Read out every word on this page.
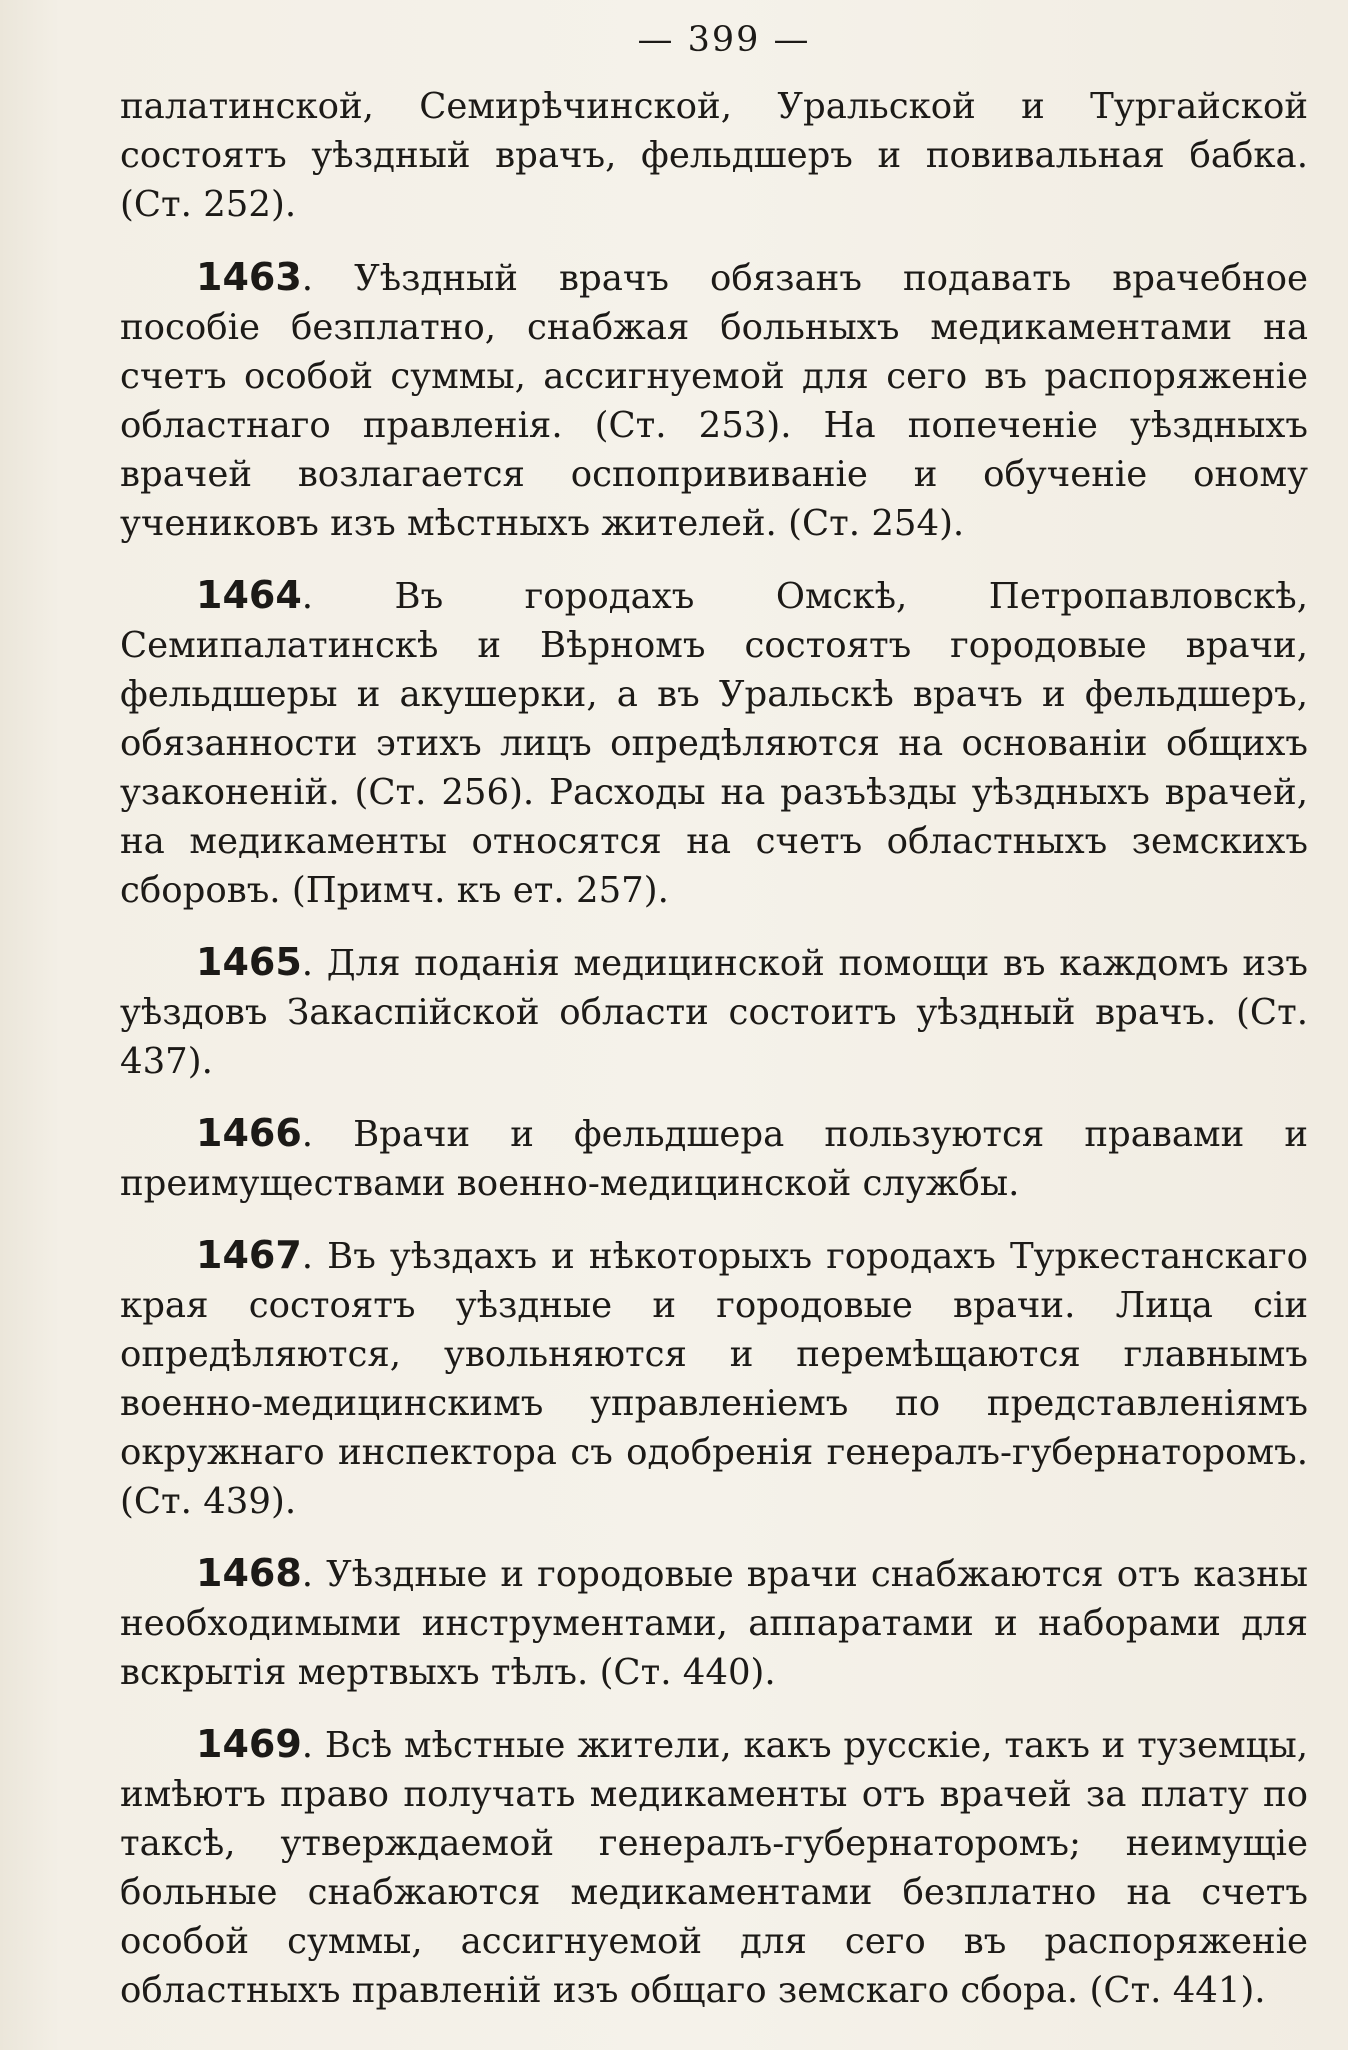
— 399 —

палатинской, Семирѣчинской, Уральской и Тургайской состоятъ уѣздный врачъ, фельдшеръ и повивальная бабка. (Ст. 252).

1463. Уѣздный врачъ обязанъ подавать врачебное пособіе безплатно, снабжая больныхъ медикаментами на счетъ особой суммы, ассигнуемой для сего въ распоряженіе областнаго правленія. (Ст. 253). На попеченіе уѣздныхъ врачей возлагается оспопрививаніе и обученіе оному учениковъ изъ мѣстныхъ жителей. (Ст. 254).

1464. Въ городахъ Омскѣ, Петропавловскѣ, Семипалатинскѣ и Вѣрномъ состоятъ городовые врачи, фельдшеры и акушерки, а въ Уральскѣ врачъ и фельдшеръ, обязанности этихъ лицъ опредѣляются на основаніи общихъ узаконеній. (Ст. 256). Расходы на разъѣзды уѣздныхъ врачей, на медикаменты относятся на счетъ областныхъ земскихъ сборовъ. (Примч. къ ет. 257).

1465. Для поданія медицинской помощи въ каждомъ изъ уѣздовъ Закаспійской области состоитъ уѣздный врачъ. (Ст. 437).

1466. Врачи и фельдшера пользуются правами и преимуществами военно-медицинской службы.

1467. Въ уѣздахъ и нѣкоторыхъ городахъ Туркестанскаго края состоятъ уѣздные и городовые врачи. Лица сіи опредѣляются, увольняются и перемѣщаются главнымъ военно-медицинскимъ управленіемъ по представленіямъ окружнаго инспектора съ одобренія генералъ-губернаторомъ. (Ст. 439).

1468. Уѣздные и городовые врачи снабжаются отъ казны необходимыми инструментами, аппаратами и наборами для вскрытія мертвыхъ тѣлъ. (Ст. 440).

1469. Всѣ мѣстные жители, какъ русскіе, такъ и туземцы, имѣютъ право получать медикаменты отъ врачей за плату по таксѣ, утверждаемой генералъ-губернаторомъ; неимущіе больные снабжаются медикаментами безплатно на счетъ особой суммы, ассигнуемой для сего въ распоряженіе областныхъ правленій изъ общаго земскаго сбора. (Ст. 441).
